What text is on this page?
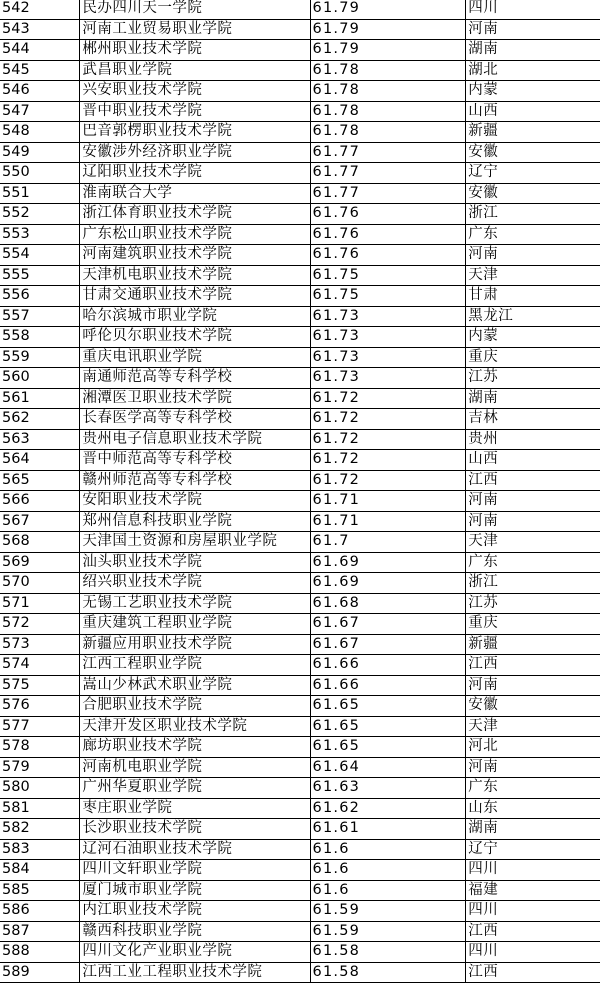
542	民办四川天一学院	61.79	四川
543	河南工业贸易职业学院	61.79	河南
544	郴州职业技术学院	61.79	湖南
545	武昌职业学院	61.78	湖北
546	兴安职业技术学院	61.78	内蒙
547	晋中职业技术学院	61.78	山西
548	巴音郭楞职业技术学院	61.78	新疆
549	安徽涉外经济职业学院	61.77	安徽
550	辽阳职业技术学院	61.77	辽宁
551	淮南联合大学	61.77	安徽
552	浙江体育职业技术学院	61.76	浙江
553	广东松山职业技术学院	61.76	广东
554	河南建筑职业技术学院	61.76	河南
555	天津机电职业技术学院	61.75	天津
556	甘肃交通职业技术学院	61.75	甘肃
557	哈尔滨城市职业学院	61.73	黑龙江
558	呼伦贝尔职业技术学院	61.73	内蒙
559	重庆电讯职业学院	61.73	重庆
560	南通师范高等专科学校	61.73	江苏
561	湘潭医卫职业技术学院	61.72	湖南
562	长春医学高等专科学校	61.72	吉林
563	贵州电子信息职业技术学院	61.72	贵州
564	晋中师范高等专科学校	61.72	山西
565	赣州师范高等专科学校	61.72	江西
566	安阳职业技术学院	61.71	河南
567	郑州信息科技职业学院	61.71	河南
568	天津国土资源和房屋职业学院	61.7	天津
569	汕头职业技术学院	61.69	广东
570	绍兴职业技术学院	61.69	浙江
571	无锡工艺职业技术学院	61.68	江苏
572	重庆建筑工程职业学院	61.67	重庆
573	新疆应用职业技术学院	61.67	新疆
574	江西工程职业学院	61.66	江西
575	嵩山少林武术职业学院	61.66	河南
576	合肥职业技术学院	61.65	安徽
577	天津开发区职业技术学院	61.65	天津
578	廊坊职业技术学院	61.65	河北
579	河南机电职业学院	61.64	河南
580	广州华夏职业学院	61.63	广东
581	枣庄职业学院	61.62	山东
582	长沙职业技术学院	61.61	湖南
583	辽河石油职业技术学院	61.6	辽宁
584	四川文轩职业学院	61.6	四川
585	厦门城市职业学院	61.6	福建
586	内江职业技术学院	61.59	四川
587	赣西科技职业学院	61.59	江西
588	四川文化产业职业学院	61.58	四川
589	江西工业工程职业技术学院	61.58	江西
